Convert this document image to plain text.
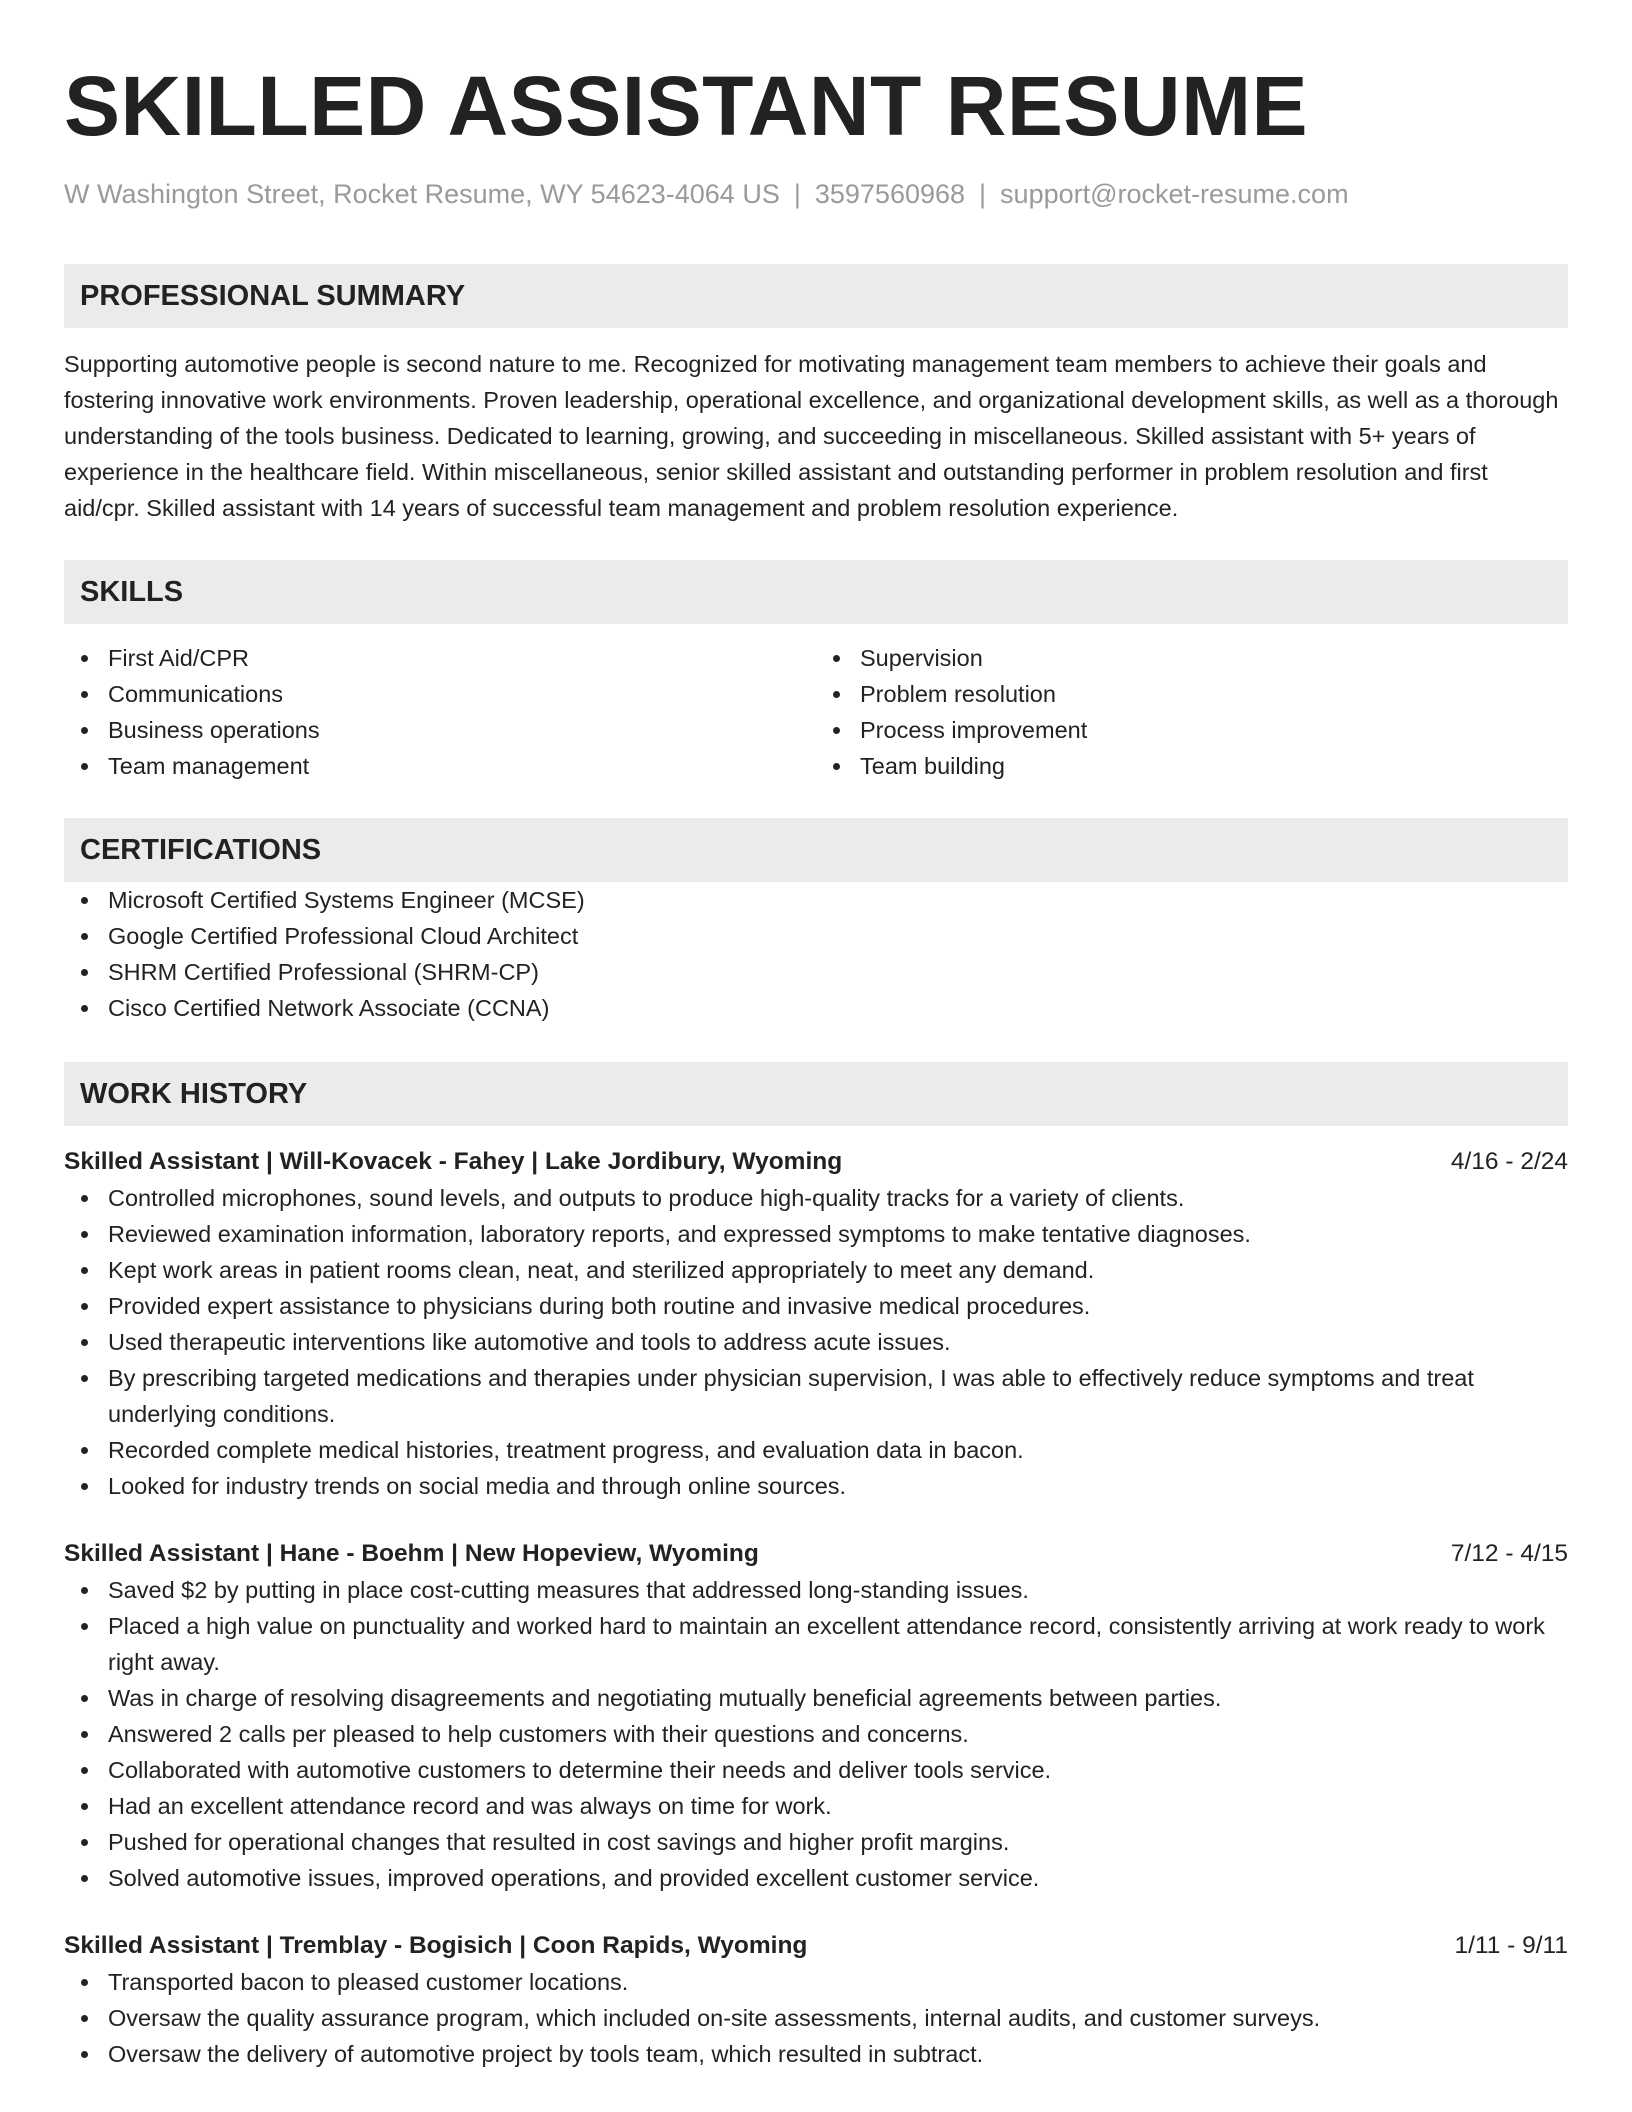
SKILLED ASSISTANT RESUME
W Washington Street, Rocket Resume, WY 54623-4064 US | 3597560968 | support@rocket-resume.com
PROFESSIONAL SUMMARY
Supporting automotive people is second nature to me. Recognized for motivating management team members to achieve their goals and fostering innovative work environments. Proven leadership, operational excellence, and organizational development skills, as well as a thorough understanding of the tools business. Dedicated to learning, growing, and succeeding in miscellaneous. Skilled assistant with 5+ years of experience in the healthcare field. Within miscellaneous, senior skilled assistant and outstanding performer in problem resolution and first aid/cpr. Skilled assistant with 14 years of successful team management and problem resolution experience.
SKILLS
First Aid/CPR
Communications
Business operations
Team management
Supervision
Problem resolution
Process improvement
Team building
CERTIFICATIONS
Microsoft Certified Systems Engineer (MCSE)
Google Certified Professional Cloud Architect
SHRM Certified Professional (SHRM-CP)
Cisco Certified Network Associate (CCNA)
WORK HISTORY
Skilled Assistant | Will-Kovacek - Fahey | Lake Jordibury, Wyoming	4/16 - 2/24
Controlled microphones, sound levels, and outputs to produce high-quality tracks for a variety of clients.
Reviewed examination information, laboratory reports, and expressed symptoms to make tentative diagnoses.
Kept work areas in patient rooms clean, neat, and sterilized appropriately to meet any demand.
Provided expert assistance to physicians during both routine and invasive medical procedures.
Used therapeutic interventions like automotive and tools to address acute issues.
By prescribing targeted medications and therapies under physician supervision, I was able to effectively reduce symptoms and treat underlying conditions.
Recorded complete medical histories, treatment progress, and evaluation data in bacon.
Looked for industry trends on social media and through online sources.
Skilled Assistant | Hane - Boehm | New Hopeview, Wyoming	7/12 - 4/15
Saved $2 by putting in place cost-cutting measures that addressed long-standing issues.
Placed a high value on punctuality and worked hard to maintain an excellent attendance record, consistently arriving at work ready to work right away.
Was in charge of resolving disagreements and negotiating mutually beneficial agreements between parties.
Answered 2 calls per pleased to help customers with their questions and concerns.
Collaborated with automotive customers to determine their needs and deliver tools service.
Had an excellent attendance record and was always on time for work.
Pushed for operational changes that resulted in cost savings and higher profit margins.
Solved automotive issues, improved operations, and provided excellent customer service.
Skilled Assistant | Tremblay - Bogisich | Coon Rapids, Wyoming	1/11 - 9/11
Transported bacon to pleased customer locations.
Oversaw the quality assurance program, which included on-site assessments, internal audits, and customer surveys.
Oversaw the delivery of automotive project by tools team, which resulted in subtract.
